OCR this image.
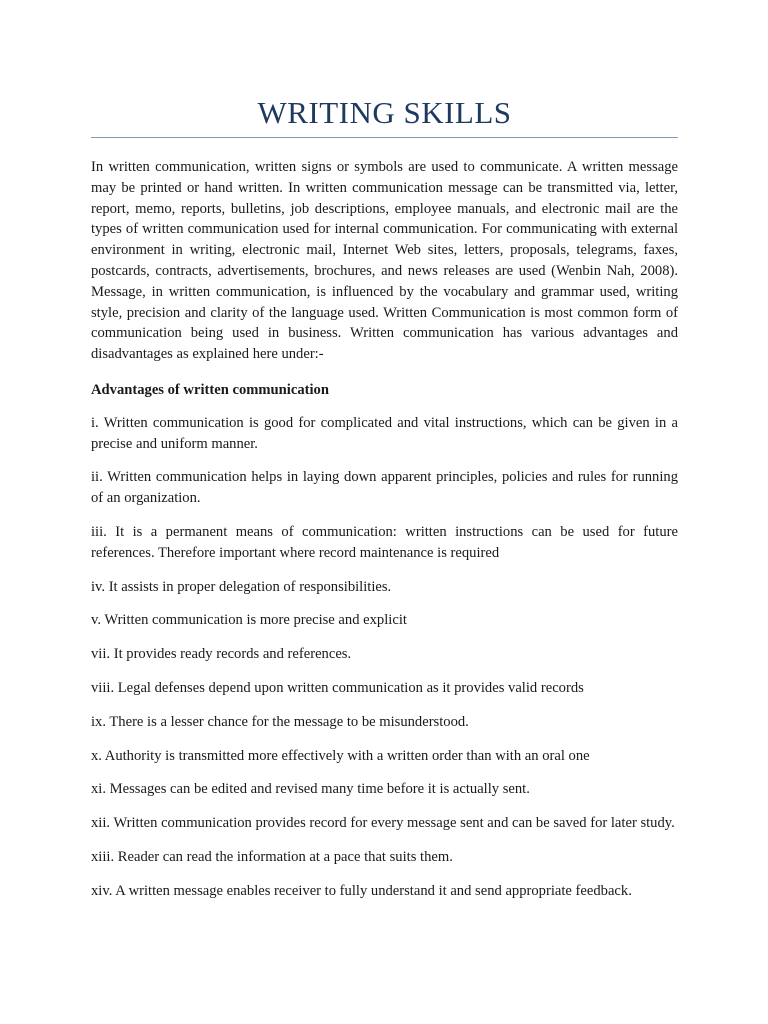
WRITING SKILLS

In written communication, written signs or symbols are used to communicate. A written message may be printed or hand written. In written communication message can be transmitted via, letter, report, memo, reports, bulletins, job descriptions, employee manuals, and electronic mail are the types of written communication used for internal communication. For communicating with external environment in writing, electronic mail, Internet Web sites, letters, proposals, telegrams, faxes, postcards, contracts, advertisements, brochures, and news releases are used (Wenbin Nah, 2008). Message, in written communication, is influenced by the vocabulary and grammar used, writing style, precision and clarity of the language used. Written Communication is most common form of communication being used in business. Written communication has various advantages and disadvantages as explained here under:-

Advantages of written communication

i. Written communication is good for complicated and vital instructions, which can be given in a precise and uniform manner.

ii. Written communication helps in laying down apparent principles, policies and rules for running of an organization.

iii. It is a permanent means of communication: written instructions can be used for future references. Therefore important where record maintenance is required

iv. It assists in proper delegation of responsibilities.

v. Written communication is more precise and explicit

vii. It provides ready records and references.

viii. Legal defenses depend upon written communication as it provides valid records

ix. There is a lesser chance for the message to be misunderstood.

x. Authority is transmitted more effectively with a written order than with an oral one

xi. Messages can be edited and revised many time before it is actually sent.

xii. Written communication provides record for every message sent and can be saved for later study.

xiii. Reader can read the information at a pace that suits them.

xiv. A written message enables receiver to fully understand it and send appropriate feedback.
